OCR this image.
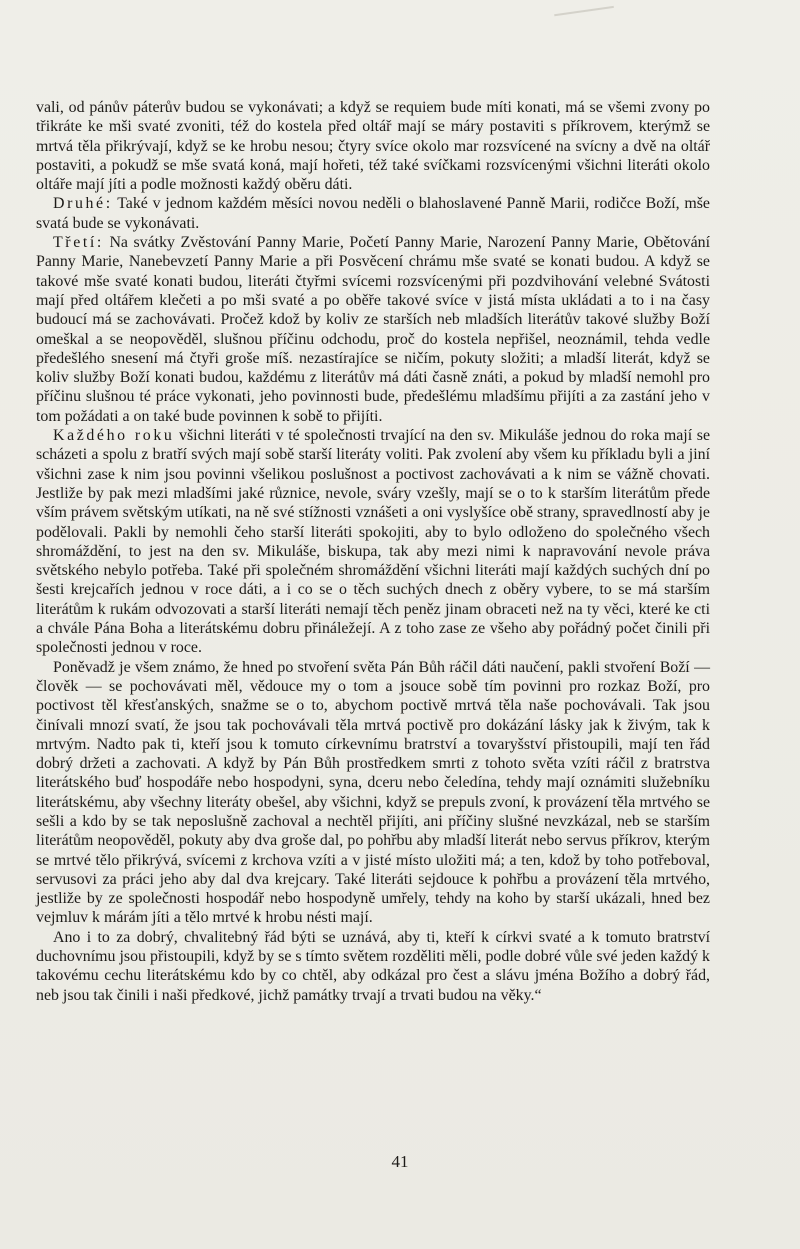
vali, od pánův páterův budou se vykonávati; a když se requiem bude míti konati, má se všemi zvony po třikráte ke mši svaté zvoniti, též do kostela před oltář mají se máry postaviti s příkrovem, kterýmž se mrtvá těla přikrývají, když se ke hrobu nesou; čtyry svíce okolo mar rozsvícené na svícny a dvě na oltář postaviti, a pokudž se mše svatá koná, mají hořeti, též také svíčkami rozsvícenými všichni literáti okolo oltáře mají jíti a podle možnosti každý oběru dáti.

Druhé: Také v jednom každém měsíci novou neděli o blahoslavené Panně Marii, rodičce Boží, mše svatá bude se vykonávati.

Třetí: Na svátky Zvěstování Panny Marie, Početí Panny Marie, Narození Panny Marie, Obětování Panny Marie, Nanebevzetí Panny Marie a při Posvěcení chrámu mše svaté se konati budou. A když se takové mše svaté konati budou, literáti čtyřmi svícemi rozsvícenými při pozdvihování velebné Svátosti mají před oltářem klečeti a po mši svaté a po oběře takové svíce v jistá místa ukládati a to i na časy budoucí má se zachovávati. Pročež kdož by koliv ze starších neb mladších literátův takové služby Boží omeškal a se neopověděl, slušnou příčinu odchodu, proč do kostela nepřišel, neoznámil, tehda vedle předešlého snesení má čtyři groše míš. nezastírajíce se ničím, pokuty složiti; a mladší literát, když se koliv služby Boží konati budou, každému z literátův má dáti časně znáti, a pokud by mladší nemohl pro příčinu slušnou té práce vykonati, jeho povinnosti bude, předešlému mladšímu přijíti a za zastání jeho v tom požádati a on také bude povinnen k sobě to přijíti.

Každého roku všichni literáti v té společnosti trvající na den sv. Mikuláše jednou do roka mají se scházeti a spolu z bratří svých mají sobě starší literáty voliti. Pak zvolení aby všem ku příkladu byli a jiní všichni zase k nim jsou povinni všelikou poslušnost a poctivost zachovávati a k nim se vážně chovati. Jestliže by pak mezi mladšími jaké různice, nevole, sváry vzešly, mají se o to k starším literátům přede vším právem světským utíkati, na ně své stížnosti vznášeti a oni vyslyšíce obě strany, spravedlností aby je podělovali. Pakli by nemohli čeho starší literáti spokojiti, aby to bylo odloženo do společného všech shromáždění, to jest na den sv. Mikuláše, biskupa, tak aby mezi nimi k napravování nevole práva světského nebylo potřeba. Také při společném shromáždění všichni literáti mají každých suchých dní po šesti krejcařích jednou v roce dáti, a i co se o těch suchých dnech z oběry vybere, to se má starším literátům k rukám odvozovati a starší literáti nemají těch peněz jinam obraceti než na ty věci, které ke cti a chvále Pána Boha a literátskému dobru přináležejí. A z toho zase ze všeho aby pořádný počet činili při společnosti jednou v roce.

Poněvadž je všem známo, že hned po stvoření světa Pán Bůh ráčil dáti naučení, pakli stvoření Boží — člověk — se pochovávati měl, vědouce my o tom a jsouce sobě tím povinni pro rozkaz Boží, pro poctivost těl křesťanských, snažme se o to, abychom poctivě mrtvá těla naše pochovávali. Tak jsou činívali mnozí svatí, že jsou tak pochovávali těla mrtvá poctivě pro dokázání lásky jak k živým, tak k mrtvým. Nadto pak ti, kteří jsou k tomuto církevnímu bratrství a tovaryšství přistoupili, mají ten řád dobrý držeti a zachovati. A když by Pán Bůh prostředkem smrti z tohoto světa vzíti ráčil z bratrstva literátského buď hospodáře nebo hospodyni, syna, dceru nebo čeledína, tehdy mají oznámiti služebníku literátskému, aby všechny literáty obešel, aby všichni, když se prepuls zvoní, k provázení těla mrtvého se sešli a kdo by se tak neposlušně zachoval a nechtěl přijíti, ani příčiny slušné nevzkázal, neb se starším literátům neopověděl, pokuty aby dva groše dal, po pohřbu aby mladší literát nebo servus příkrov, kterým se mrtvé tělo přikrývá, svícemi z krchova vzíti a v jisté místo uložiti má; a ten, kdož by toho potřeboval, servusovi za práci jeho aby dal dva krejcary. Také literáti sejdouce k pohřbu a provázení těla mrtvého, jestliže by ze společnosti hospodář nebo hospodyně umřely, tehdy na koho by starší ukázali, hned bez vejmluv k márám jíti a tělo mrtvé k hrobu nésti mají.

Ano i to za dobrý, chvalitebný řád býti se uznává, aby ti, kteří k církvi svaté a k tomuto bratrství duchovnímu jsou přistoupili, když by se s tímto světem rozděliti měli, podle dobré vůle své jeden každý k takovému cechu literátskému kdo by co chtěl, aby odkázal pro čest a slávu jména Božího a dobrý řád, neb jsou tak činili i naši předkové, jichž památky trvají a trvati budou na věky.“

41
